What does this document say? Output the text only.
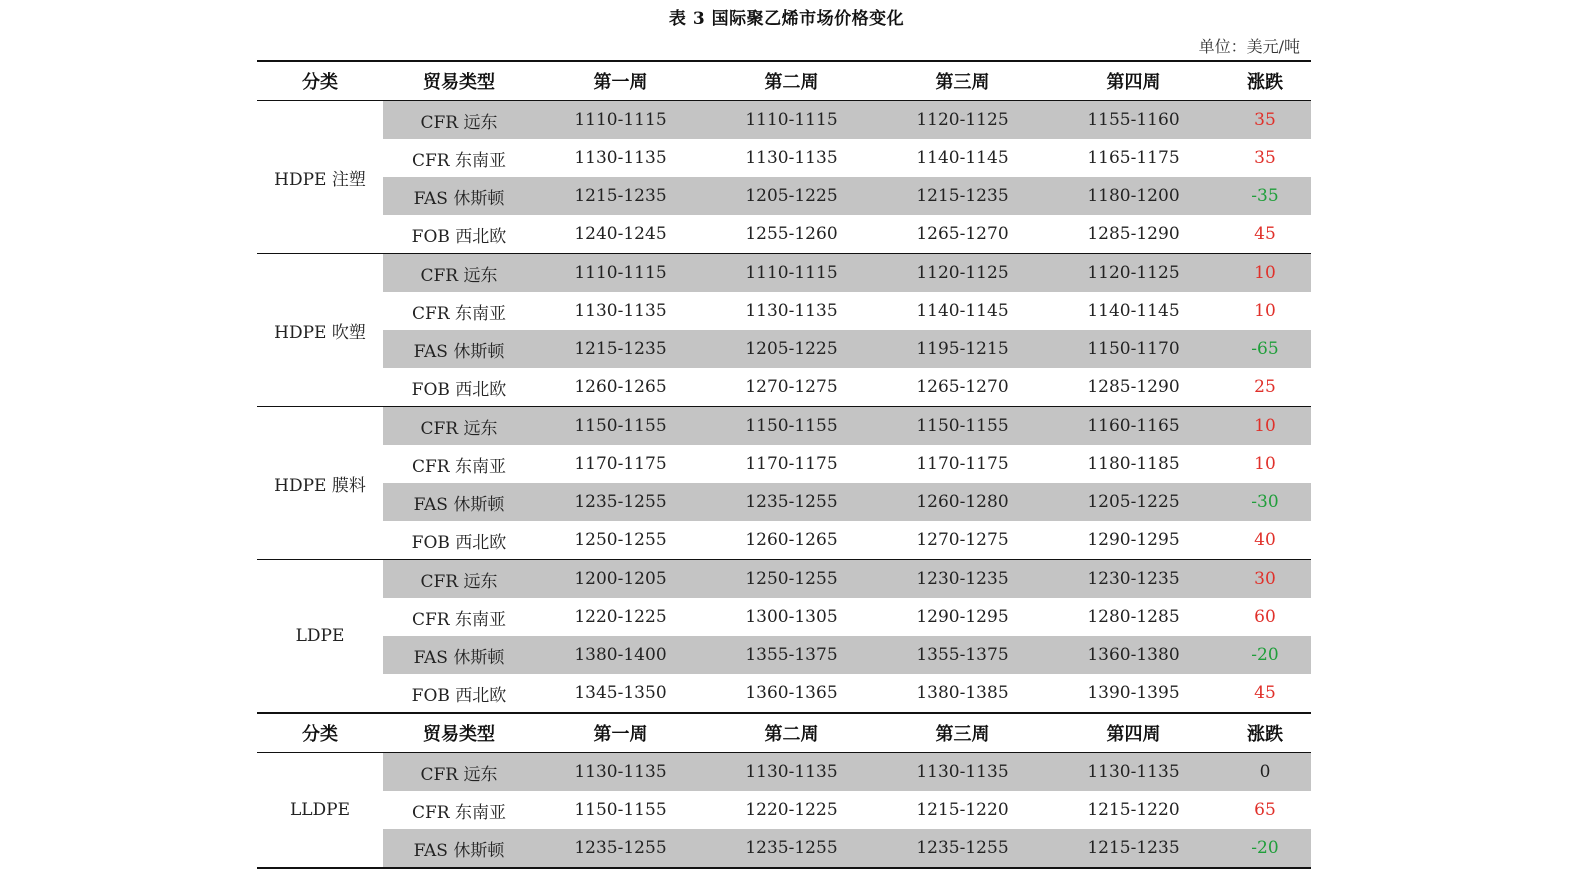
表 3 国际聚乙烯市场价格变化
单位：美元/吨
分类	贸易类型	第一周	第二周	第三周	第四周	涨跌
HDPE 注塑	CFR 远东	1110-1115	1110-1115	1120-1125	1155-1160	35
	CFR 东南亚	1130-1135	1130-1135	1140-1145	1165-1175	35
	FAS 休斯顿	1215-1235	1205-1225	1215-1235	1180-1200	-35
	FOB 西北欧	1240-1245	1255-1260	1265-1270	1285-1290	45
HDPE 吹塑	CFR 远东	1110-1115	1110-1115	1120-1125	1120-1125	10
	CFR 东南亚	1130-1135	1130-1135	1140-1145	1140-1145	10
	FAS 休斯顿	1215-1235	1205-1225	1195-1215	1150-1170	-65
	FOB 西北欧	1260-1265	1270-1275	1265-1270	1285-1290	25
HDPE 膜料	CFR 远东	1150-1155	1150-1155	1150-1155	1160-1165	10
	CFR 东南亚	1170-1175	1170-1175	1170-1175	1180-1185	10
	FAS 休斯顿	1235-1255	1235-1255	1260-1280	1205-1225	-30
	FOB 西北欧	1250-1255	1260-1265	1270-1275	1290-1295	40
LDPE	CFR 远东	1200-1205	1250-1255	1230-1235	1230-1235	30
	CFR 东南亚	1220-1225	1300-1305	1290-1295	1280-1285	60
	FAS 休斯顿	1380-1400	1355-1375	1355-1375	1360-1380	-20
	FOB 西北欧	1345-1350	1360-1365	1380-1385	1390-1395	45
分类	贸易类型	第一周	第二周	第三周	第四周	涨跌
LLDPE	CFR 远东	1130-1135	1130-1135	1130-1135	1130-1135	0
	CFR 东南亚	1150-1155	1220-1225	1215-1220	1215-1220	65
	FAS 休斯顿	1235-1255	1235-1255	1235-1255	1215-1235	-20
